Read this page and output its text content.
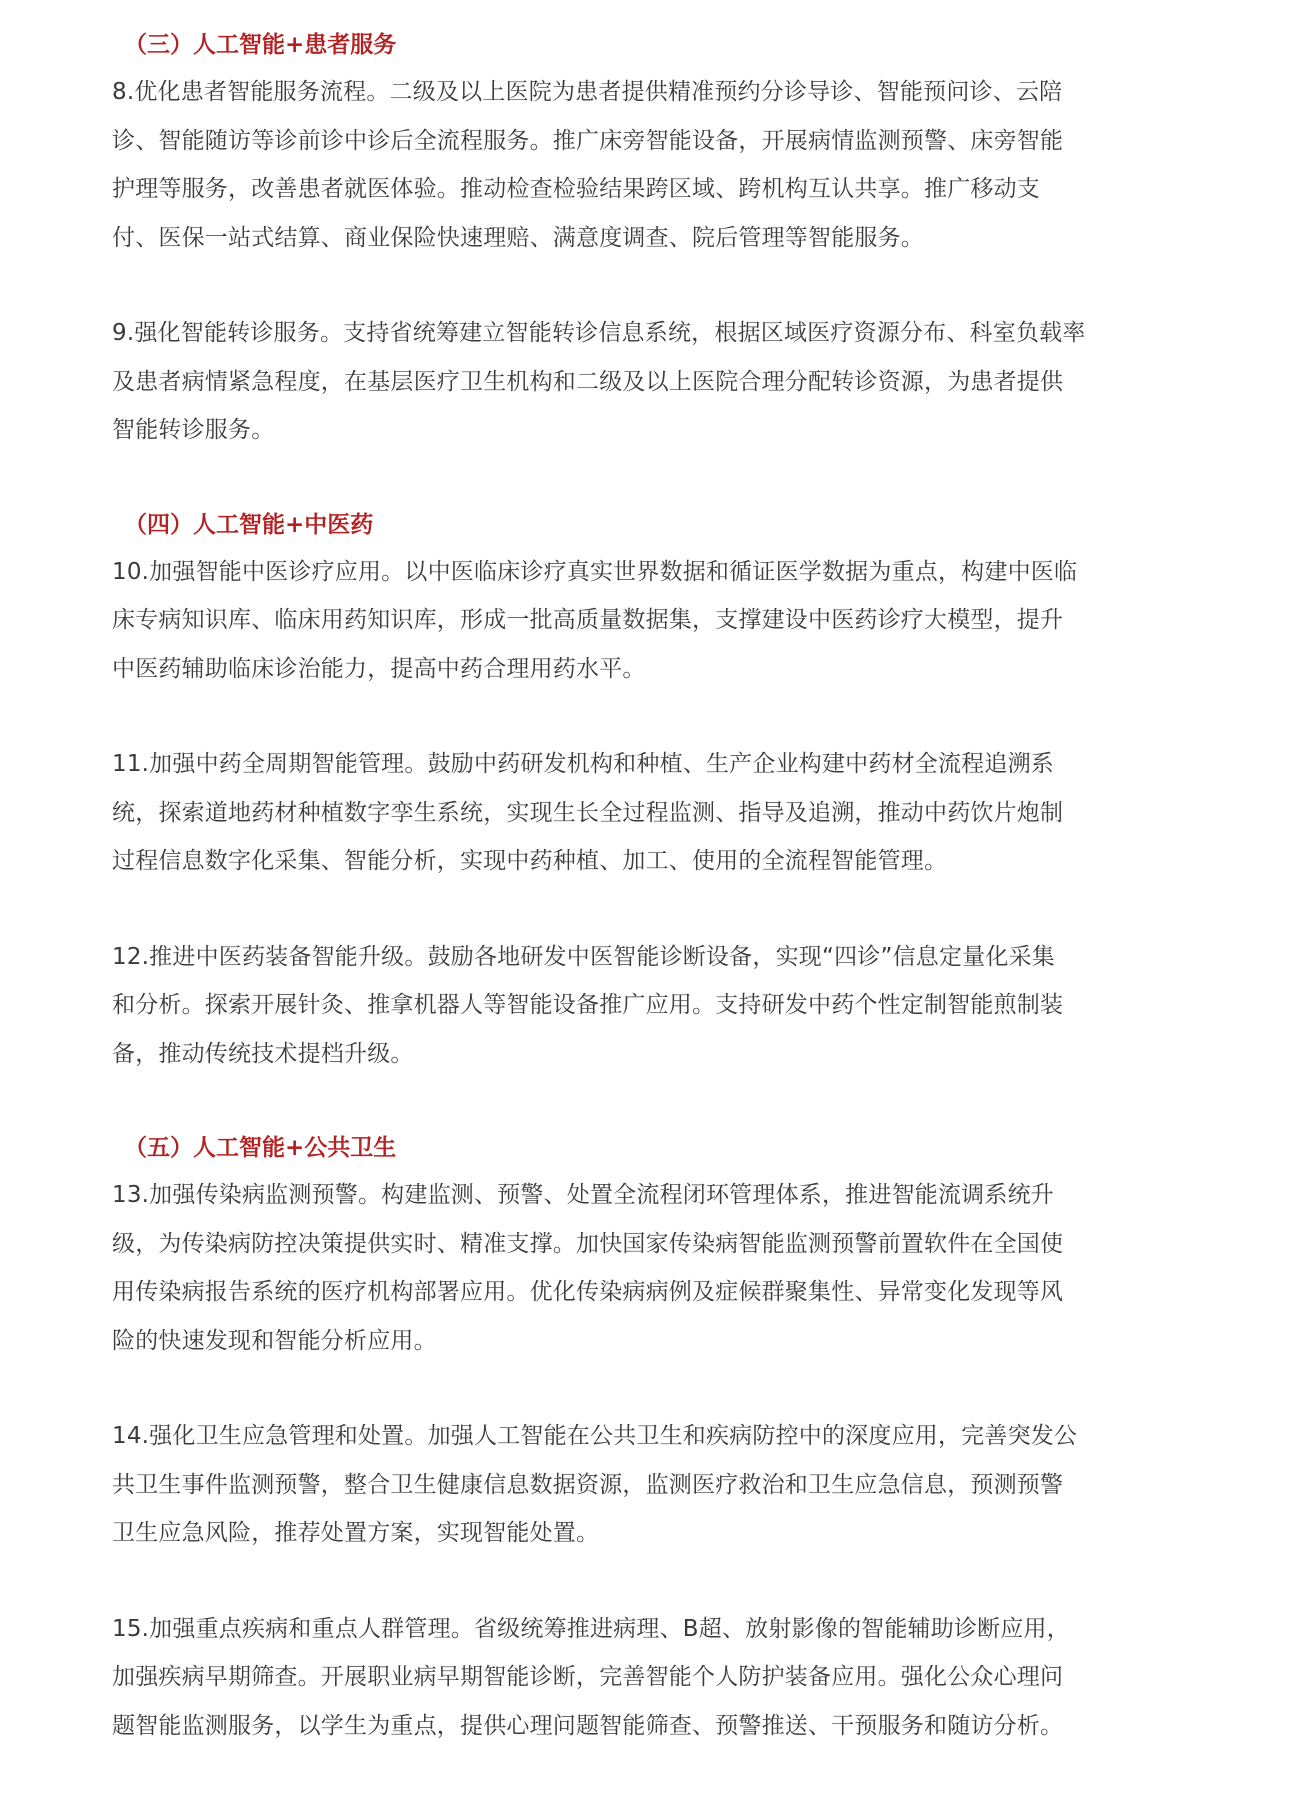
（三）人工智能+患者服务
8.优化患者智能服务流程。二级及以上医院为患者提供精准预约分诊导诊、智能预问诊、云陪
诊、智能随访等诊前诊中诊后全流程服务。推广床旁智能设备，开展病情监测预警、床旁智能
护理等服务，改善患者就医体验。推动检查检验结果跨区域、跨机构互认共享。推广移动支
付、医保一站式结算、商业保险快速理赔、满意度调查、院后管理等智能服务。
9.强化智能转诊服务。支持省统筹建立智能转诊信息系统，根据区域医疗资源分布、科室负载率
及患者病情紧急程度，在基层医疗卫生机构和二级及以上医院合理分配转诊资源，为患者提供
智能转诊服务。
（四）人工智能+中医药
10.加强智能中医诊疗应用。以中医临床诊疗真实世界数据和循证医学数据为重点，构建中医临
床专病知识库、临床用药知识库，形成一批高质量数据集，支撑建设中医药诊疗大模型，提升
中医药辅助临床诊治能力，提高中药合理用药水平。
11.加强中药全周期智能管理。鼓励中药研发机构和种植、生产企业构建中药材全流程追溯系
统，探索道地药材种植数字孪生系统，实现生长全过程监测、指导及追溯，推动中药饮片炮制
过程信息数字化采集、智能分析，实现中药种植、加工、使用的全流程智能管理。
12.推进中医药装备智能升级。鼓励各地研发中医智能诊断设备，实现“四诊”信息定量化采集
和分析。探索开展针灸、推拿机器人等智能设备推广应用。支持研发中药个性定制智能煎制装
备，推动传统技术提档升级。
（五）人工智能+公共卫生
13.加强传染病监测预警。构建监测、预警、处置全流程闭环管理体系，推进智能流调系统升
级，为传染病防控决策提供实时、精准支撑。加快国家传染病智能监测预警前置软件在全国使
用传染病报告系统的医疗机构部署应用。优化传染病病例及症候群聚集性、异常变化发现等风
险的快速发现和智能分析应用。
14.强化卫生应急管理和处置。加强人工智能在公共卫生和疾病防控中的深度应用，完善突发公
共卫生事件监测预警，整合卫生健康信息数据资源，监测医疗救治和卫生应急信息，预测预警
卫生应急风险，推荐处置方案，实现智能处置。
15.加强重点疾病和重点人群管理。省级统筹推进病理、B超、放射影像的智能辅助诊断应用，
加强疾病早期筛查。开展职业病早期智能诊断，完善智能个人防护装备应用。强化公众心理问
题智能监测服务，以学生为重点，提供心理问题智能筛查、预警推送、干预服务和随访分析。
